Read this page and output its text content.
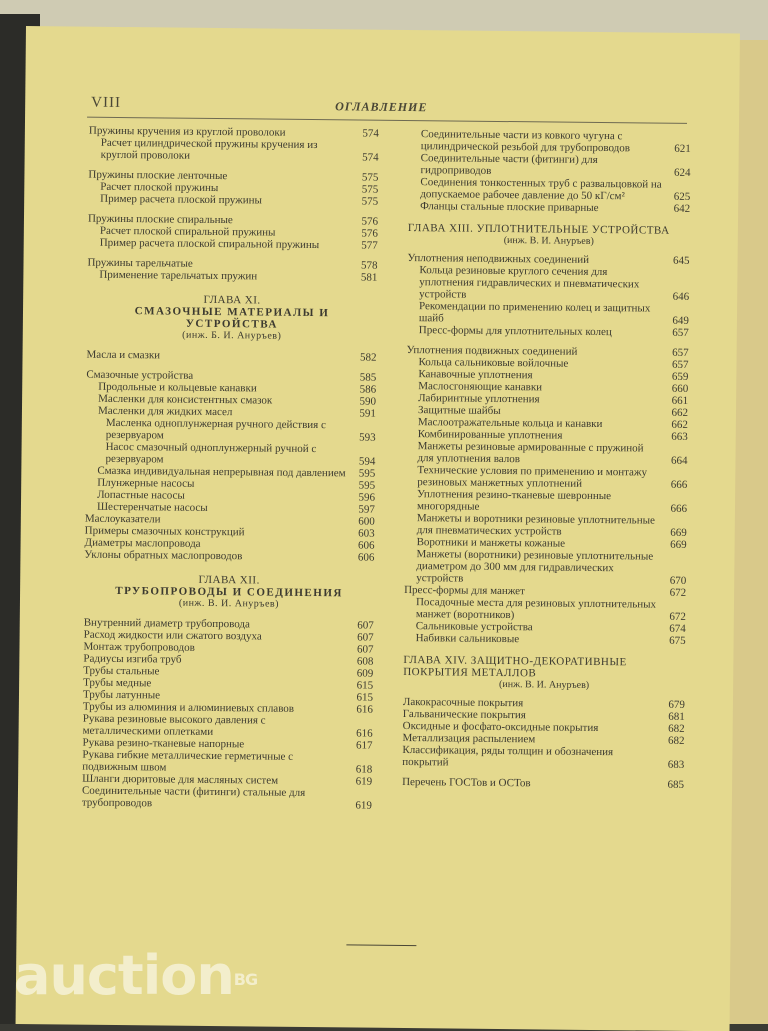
VIII	ОГЛАВЛЕНИЕ
Пружины кручения из круглой проволоки	574
Расчет цилиндрической пружины кручения из круглой проволоки	574
Пружины плоские ленточные	575
Расчет плоской пружины	575
Пример расчета плоской пружины	575
Пружины плоские спиральные	576
Расчет плоской спиральной пружины	576
Пример расчета плоской спиральной пружины	577
Пружины тарельчатые	578
Применение тарельчатых пружин	581
ГЛАВА XI.
СМАЗОЧНЫЕ МАТЕРИАЛЫ И УСТРОЙСТВА
(инж. Б. И. Ануръев)
Масла и смазки	582
Смазочные устройства	585
Продольные и кольцевые канавки	586
Масленки для консистентных смазок	590
Масленки для жидких масел	591
Масленка одноплунжерная ручного действия с резервуаром	593
Насос смазочный одноплунжерный ручной с резервуаром	594
Смазка индивидуальная непрерывная под давлением	595
Плунжерные насосы	595
Лопастные насосы	596
Шестеренчатые насосы	597
Маслоуказатели	600
Примеры смазочных конструкций	603
Диаметры маслопровода	606
Уклоны обратных маслопроводов	606
ГЛАВА XII.
ТРУБОПРОВОДЫ И СОЕДИНЕНИЯ
(инж. В. И. Ануръев)
Внутренний диаметр трубопровода	607
Расход жидкости или сжатого воздуха	607
Монтаж трубопроводов	607
Радиусы изгиба труб	608
Трубы стальные	609
Трубы медные	615
Трубы латунные	615
Трубы из алюминия и алюминиевых сплавов	616
Рукава резиновые высокого давления с металлическими оплетками	616
Рукава резино-тканевые напорные	617
Рукава гибкие металлические герметичные с подвижным швом	618
Шланги дюритовые для масляных систем	619
Соединительные части (фитинги) стальные для трубопроводов	619
Соединительные части из ковкого чугуна с цилиндрической резьбой для трубопроводов	621
Соединительные части (фитинги) для гидроприводов	624
Соединения тонкостенных труб с развальцовкой на допускаемое рабочее давление до 50 кГ/см²	625
Фланцы стальные плоские приварные	642
ГЛАВА XIII. УПЛОТНИТЕЛЬНЫЕ УСТРОЙСТВА
(инж. В. И. Ануръев)
Уплотнения неподвижных соединений	645
Кольца резиновые круглого сечения для уплотнения гидравлических и пневматических устройств	646
Рекомендации по применению колец и защитных шайб	649
Пресс-формы для уплотнительных колец	657
Уплотнения подвижных соединений	657
Кольца сальниковые войлочные	657
Канавочные уплотнения	659
Маслосгоняющие канавки	660
Лабиринтные уплотнения	661
Защитные шайбы	662
Маслоотражательные кольца и канавки	662
Комбинированные уплотнения	663
Манжеты резиновые армированные с пружиной для уплотнения валов	664
Технические условия по применению и монтажу резиновых манжетных уплотнений	666
Уплотнения резино-тканевые шевронные многорядные	666
Манжеты и воротники резиновые уплотнительные для пневматических устройств	669
Воротники и манжеты кожаные	669
Манжеты (воротники) резиновые уплотнительные диаметром до 300 мм для гидравлических устройств	670
Пресс-формы для манжет	672
Посадочные места для резиновых уплотнительных манжет (воротников)	672
Сальниковые устройства	674
Набивки сальниковые	675
ГЛАВА XIV. ЗАЩИТНО-ДЕКОРАТИВНЫЕ ПОКРЫТИЯ МЕТАЛЛОВ
(инж. В. И. Ануръев)
Лакокрасочные покрытия	679
Гальванические покрытия	681
Оксидные и фосфато-оксидные покрытия	682
Металлизация распылением	682
Классификация, ряды толщин и обозначения покрытий	683
Перечень ГОСТов и ОСТов	685
auctionBG
